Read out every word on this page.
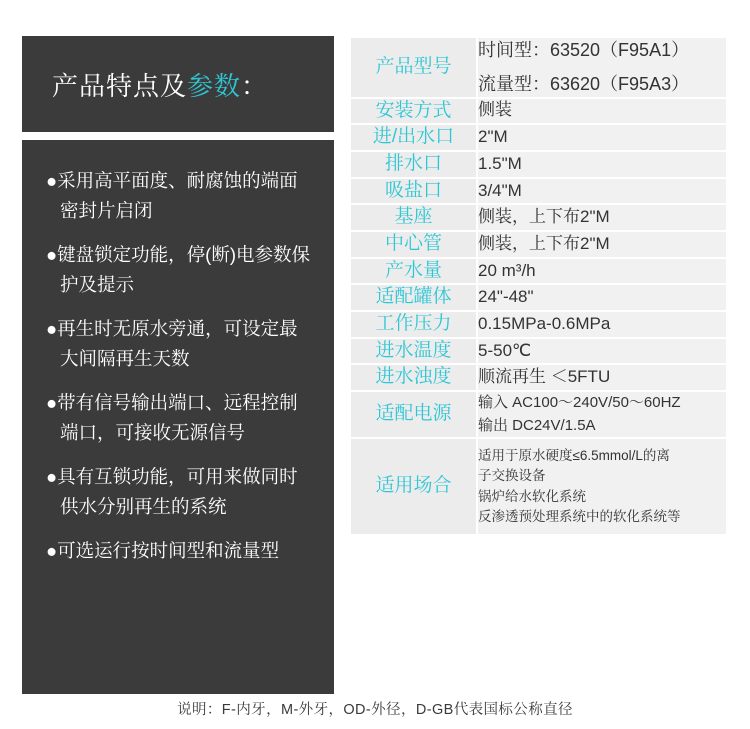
产品特点及参数：
●采用高平面度、耐腐蚀的端面密封片启闭
●键盘锁定功能，停(断)电参数保护及提示
●再生时无原水旁通，可设定最大间隔再生天数
●带有信号输出端口、远程控制端口，可接收无源信号
●具有互锁功能，可用来做同时供水分别再生的系统
●可选运行按时间型和流量型
产品型号	时间型：63520（F95A1）
流量型：63620（F95A3）

安装方式	侧装
进/出水口	2"M
排水口	1.5"M
吸盐口	3/4"M
基座	侧装，上下布2"M
中心管	侧装，上下布2"M
产水量	20 m³/h
适配罐体	24"-48"
工作压力	0.15MPa-0.6MPa
进水温度	5-50℃
进水浊度	顺流再生 ＜5FTU
适配电源	输入 AC100～240V/50～60HZ
输出 DC24V/1.5A

适用场合	适用于原水硬度≤6.5mmol/L的离
子交换设备
锅炉给水软化系统
反渗透预处理系统中的软化系统等
说明：F-内牙，M-外牙，OD-外径，D-GB代表国标公称直径
